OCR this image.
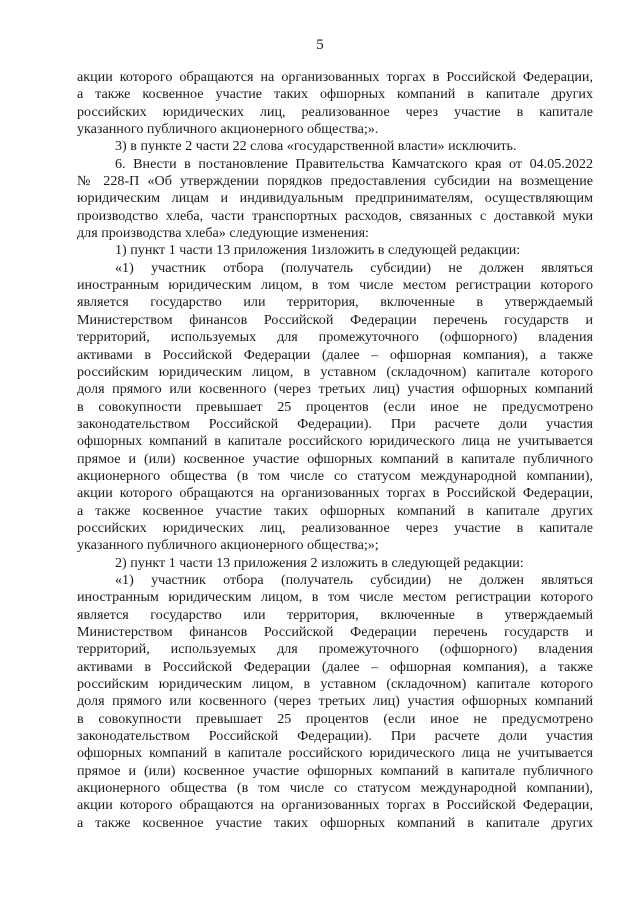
5
акции которого обращаются на организованных торгах в Российской Федерации,
а также косвенное участие таких офшорных компаний в капитале других
российских юридических лиц, реализованное через участие в капитале
указанного публичного акционерного общества;».
3) в пункте 2 части 22 слова «государственной власти» исключить.
6. Внести в постановление Правительства Камчатского края от 04.05.2022
№ 228-П «Об утверждении порядков предоставления субсидии на возмещение
юридическим лицам и индивидуальным предпринимателям, осуществляющим
производство хлеба, части транспортных расходов, связанных с доставкой муки
для производства хлеба» следующие изменения:
1) пункт 1 части 13 приложения 1изложить в следующей редакции:
«1) участник отбора (получатель субсидии) не должен являться
иностранным юридическим лицом, в том числе местом регистрации которого
является государство или территория, включенные в утверждаемый
Министерством финансов Российской Федерации перечень государств и
территорий, используемых для промежуточного (офшорного) владения
активами в Российской Федерации (далее – офшорная компания), а также
российским юридическим лицом, в уставном (складочном) капитале которого
доля прямого или косвенного (через третьих лиц) участия офшорных компаний
в совокупности превышает 25 процентов (если иное не предусмотрено
законодательством Российской Федерации). При расчете доли участия
офшорных компаний в капитале российского юридического лица не учитывается
прямое и (или) косвенное участие офшорных компаний в капитале публичного
акционерного общества (в том числе со статусом международной компании),
акции которого обращаются на организованных торгах в Российской Федерации,
а также косвенное участие таких офшорных компаний в капитале других
российских юридических лиц, реализованное через участие в капитале
указанного публичного акционерного общества;»;
2) пункт 1 части 13 приложения 2 изложить в следующей редакции:
«1) участник отбора (получатель субсидии) не должен являться
иностранным юридическим лицом, в том числе местом регистрации которого
является государство или территория, включенные в утверждаемый
Министерством финансов Российской Федерации перечень государств и
территорий, используемых для промежуточного (офшорного) владения
активами в Российской Федерации (далее – офшорная компания), а также
российским юридическим лицом, в уставном (складочном) капитале которого
доля прямого или косвенного (через третьих лиц) участия офшорных компаний
в совокупности превышает 25 процентов (если иное не предусмотрено
законодательством Российской Федерации). При расчете доли участия
офшорных компаний в капитале российского юридического лица не учитывается
прямое и (или) косвенное участие офшорных компаний в капитале публичного
акционерного общества (в том числе со статусом международной компании),
акции которого обращаются на организованных торгах в Российской Федерации,
а также косвенное участие таких офшорных компаний в капитале других
